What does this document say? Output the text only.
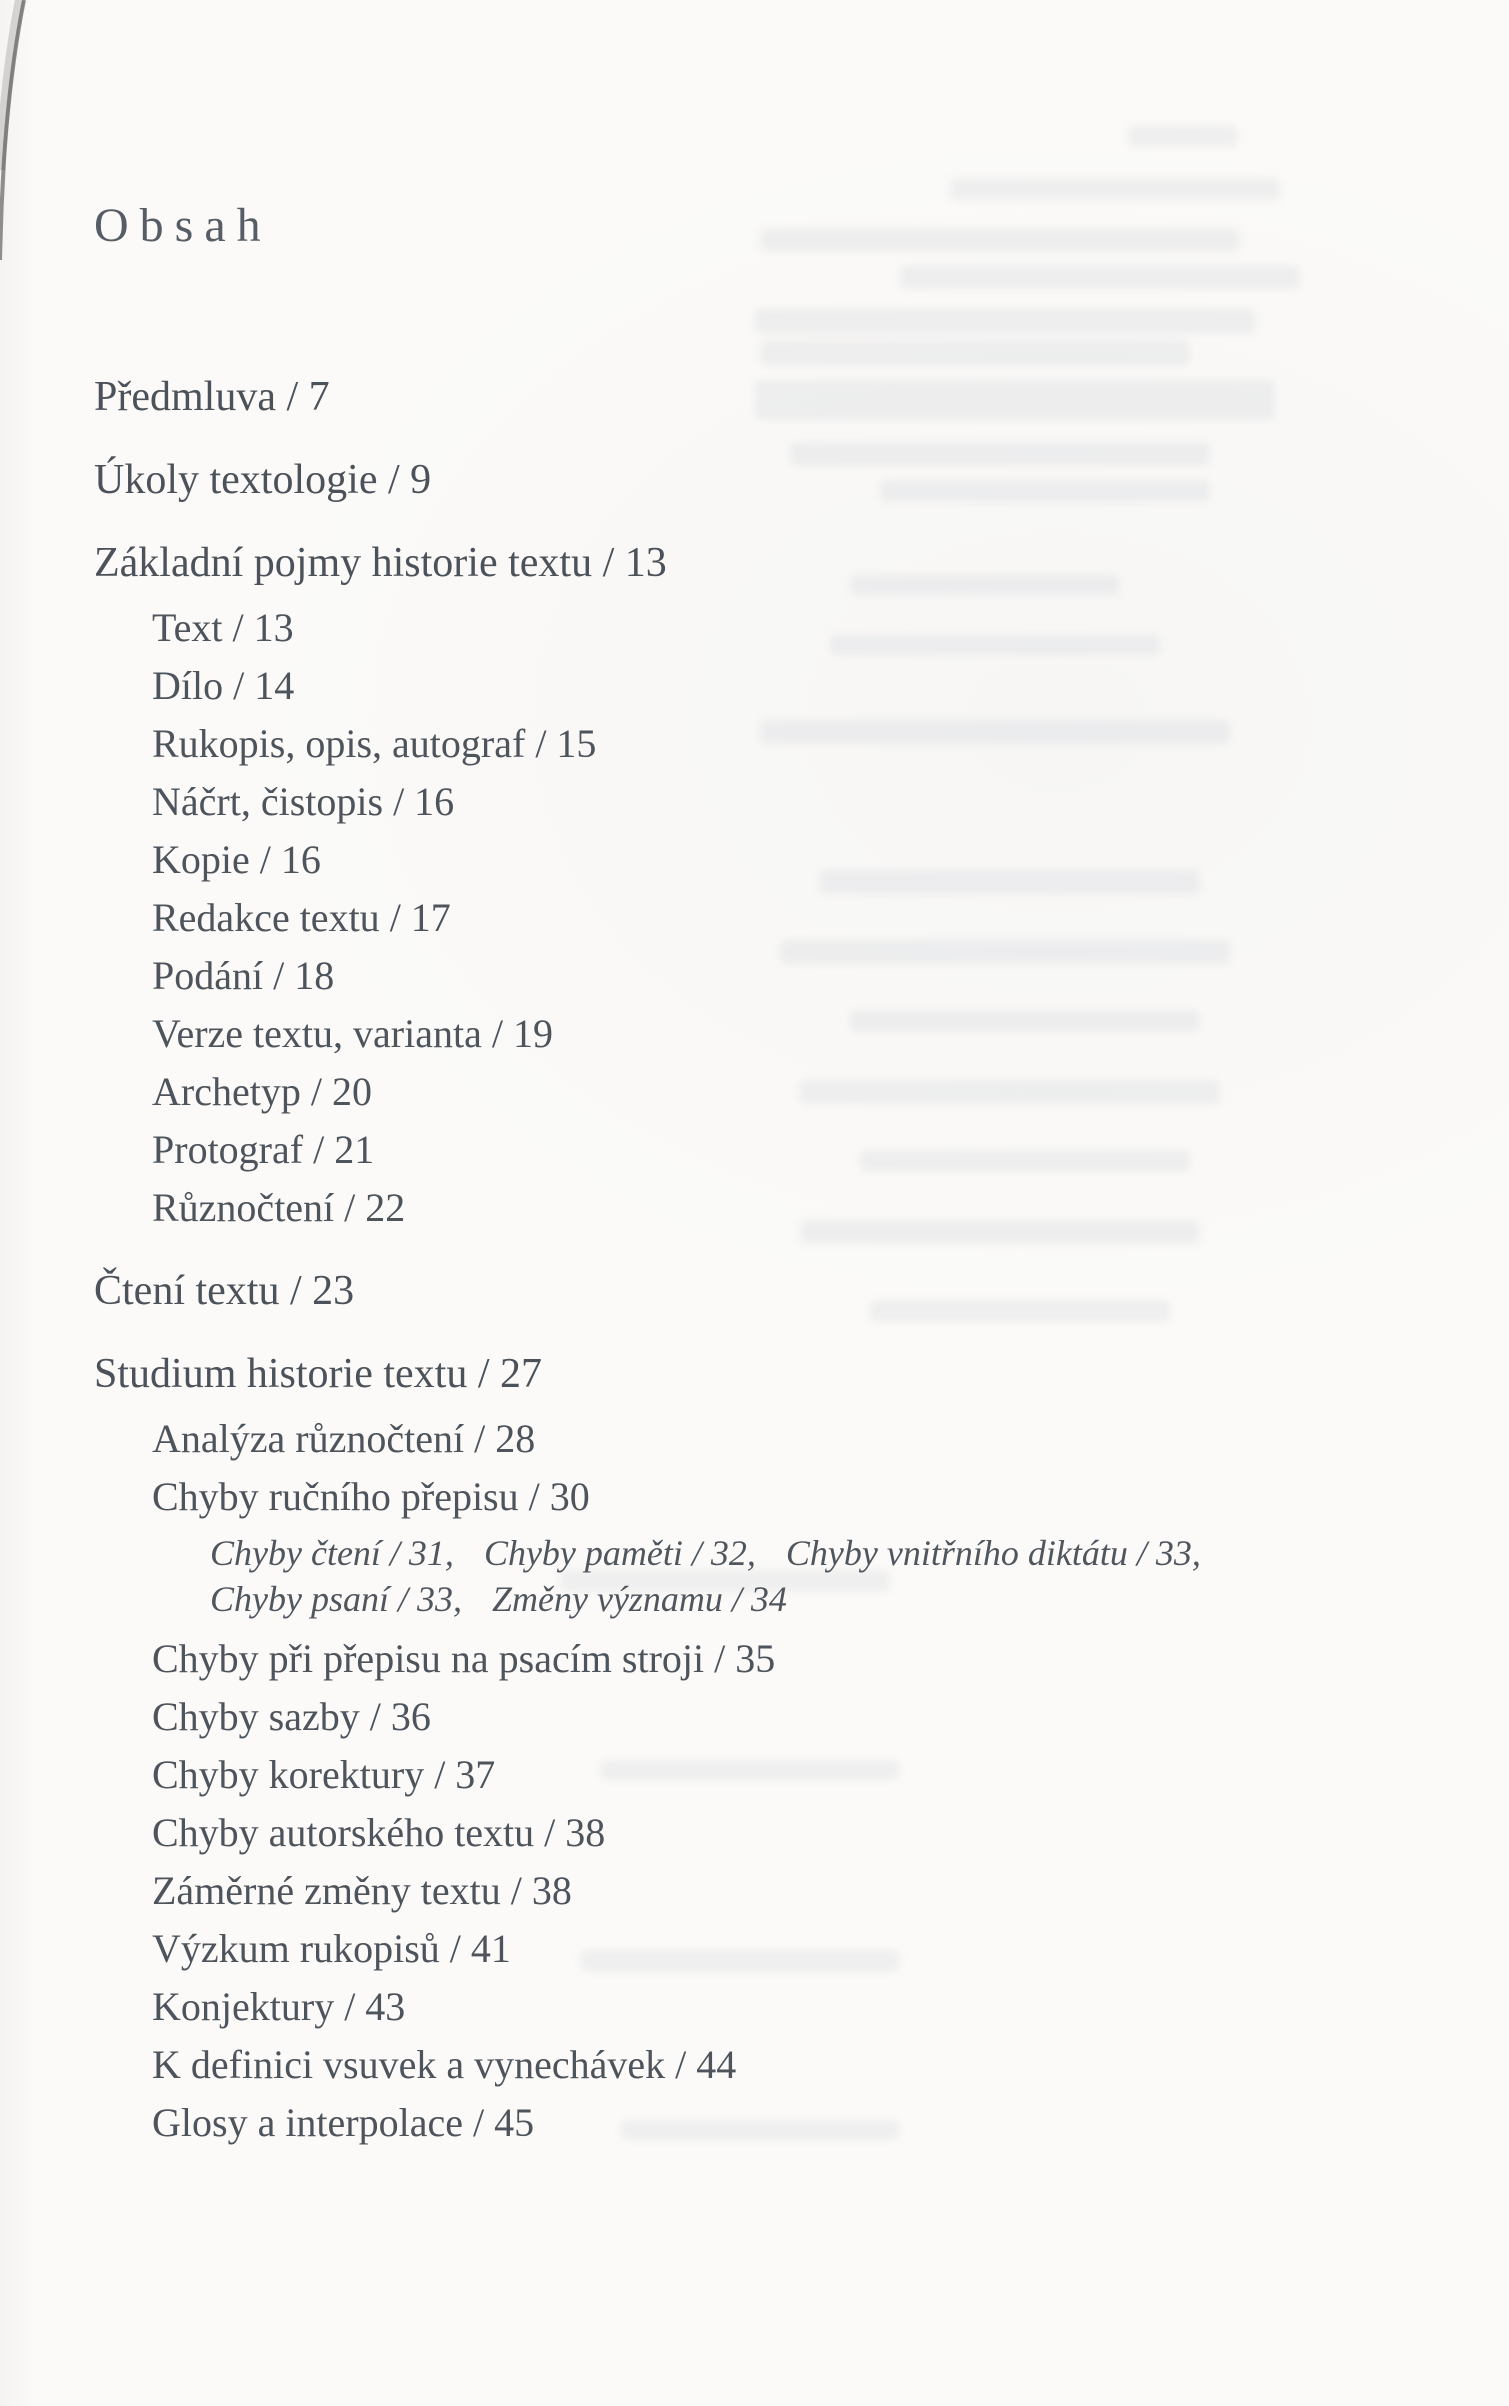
Obsah
Předmluva / 7
Úkoly textologie / 9
Základní pojmy historie textu / 13
Text / 13
Dílo / 14
Rukopis, opis, autograf / 15
Náčrt, čistopis / 16
Kopie / 16
Redakce textu / 17
Podání / 18
Verze textu, varianta / 19
Archetyp / 20
Protograf / 21
Různočtení / 22
Čtení textu / 23
Studium historie textu / 27
Analýza různočtení / 28
Chyby ručního přepisu / 30
Chyby čtení / 31, Chyby paměti / 32, Chyby vnitřního diktátu / 33,
Chyby psaní / 33, Změny významu / 34
Chyby při přepisu na psacím stroji / 35
Chyby sazby / 36
Chyby korektury / 37
Chyby autorského textu / 38
Záměrné změny textu / 38
Výzkum rukopisů / 41
Konjektury / 43
K definici vsuvek a vynechávek / 44
Glosy a interpolace / 45
